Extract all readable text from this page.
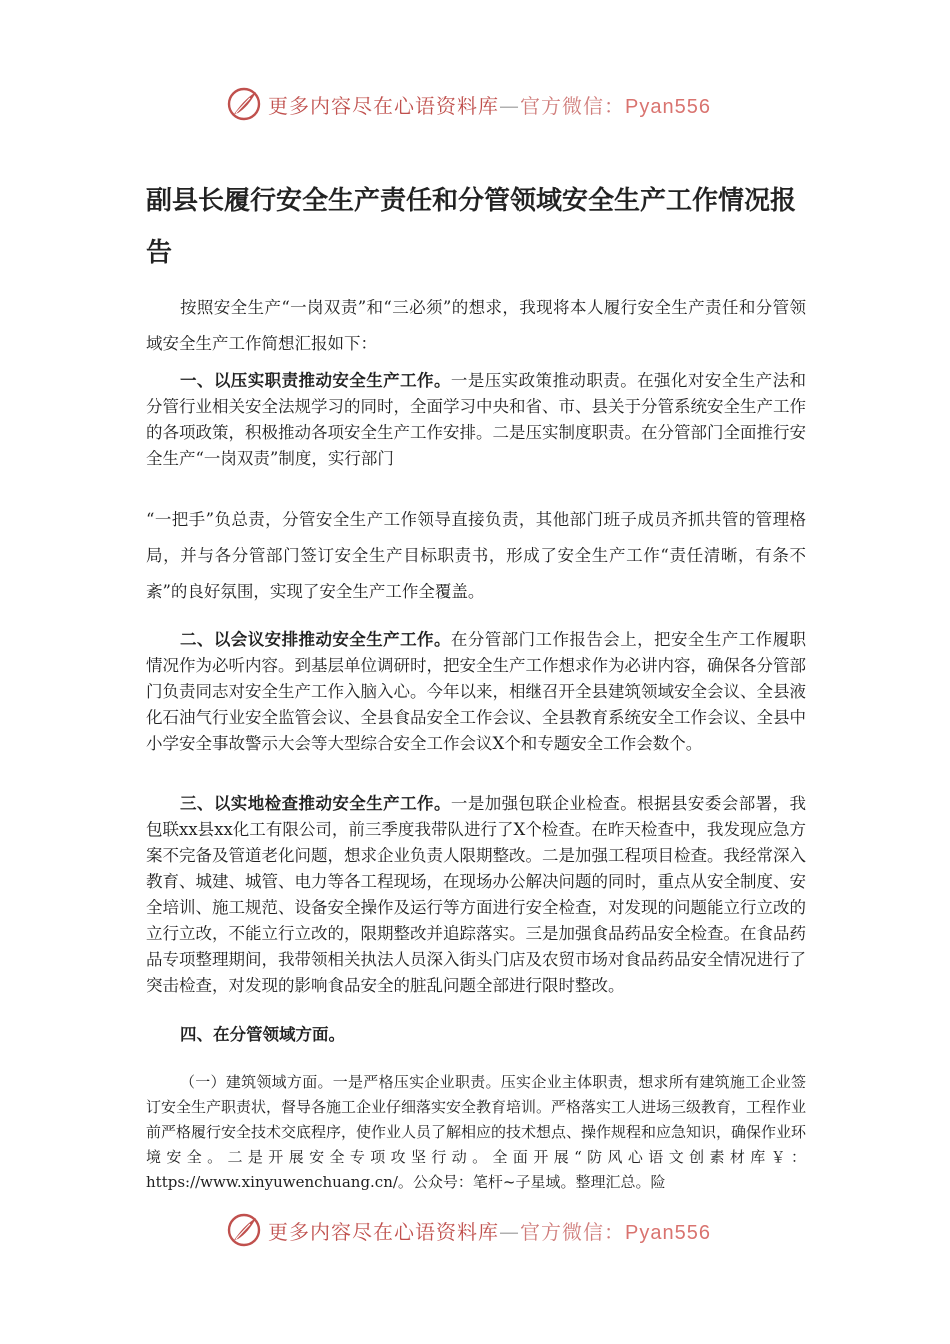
更多内容尽在心语资料库—官方微信：Pyan556
副县长履行安全生产责任和分管领域安全生产工作情况报告

按照安全生产“一岗双责”和“三必须”的想求，我现将本人履行安全生产责任和分管领域安全生产工作简想汇报如下：

一、以压实职责推动安全生产工作。一是压实政策推动职责。在强化对安全生产法和分管行业相关安全法规学习的同时，全面学习中央和省、市、县关于分管系统安全生产工作的各项政策，积极推动各项安全生产工作安排。二是压实制度职责。在分管部门全面推行安全生产“一岗双责”制度，实行部门

“一把手”负总责，分管安全生产工作领导直接负责，其他部门班子成员齐抓共管的管理格局，并与各分管部门签订安全生产目标职责书，形成了安全生产工作“责任清晰，有条不紊”的良好氛围，实现了安全生产工作全覆盖。

二、以会议安排推动安全生产工作。在分管部门工作报告会上，把安全生产工作履职情况作为必听内容。到基层单位调研时，把安全生产工作想求作为必讲内容，确保各分管部门负责同志对安全生产工作入脑入心。今年以来，相继召开全县建筑领域安全会议、全县液化石油气行业安全监管会议、全县食品安全工作会议、全县教育系统安全工作会议、全县中小学安全事故警示大会等大型综合安全工作会议X个和专题安全工作会数个。

三、以实地检查推动安全生产工作。一是加强包联企业检查。根据县安委会部署，我包联xx县xx化工有限公司，前三季度我带队进行了X个检查。在昨天检查中，我发现应急方案不完备及管道老化问题，想求企业负责人限期整改。二是加强工程项目检查。我经常深入教育、城建、城管、电力等各工程现场，在现场办公解决问题的同时，重点从安全制度、安全培训、施工规范、设备安全操作及运行等方面进行安全检查，对发现的问题能立行立改的立行立改，不能立行立改的，限期整改并追踪落实。三是加强食品药品安全检查。在食品药品专项整理期间，我带领相关执法人员深入街头门店及农贸市场对食品药品安全情况进行了突击检查，对发现的影响食品安全的脏乱问题全部进行限时整改。

四、在分管领域方面。

（一）建筑领域方面。一是严格压实企业职责。压实企业主体职责，想求所有建筑施工企业签订安全生产职责状，督导各施工企业仔细落实安全教育培训。严格落实工人进场三级教育，工程作业前严格履行安全技术交底程序，使作业人员了解相应的技术想点、操作规程和应急知识，确保作业环境安全。二是开展安全专项攻坚行动。全面开展“防风心语文创素材库￥：https://www.xinyuwenchuang.cn/。公众号：笔杆~子星域。整理汇总。险

更多内容尽在心语资料库—官方微信：Pyan556
